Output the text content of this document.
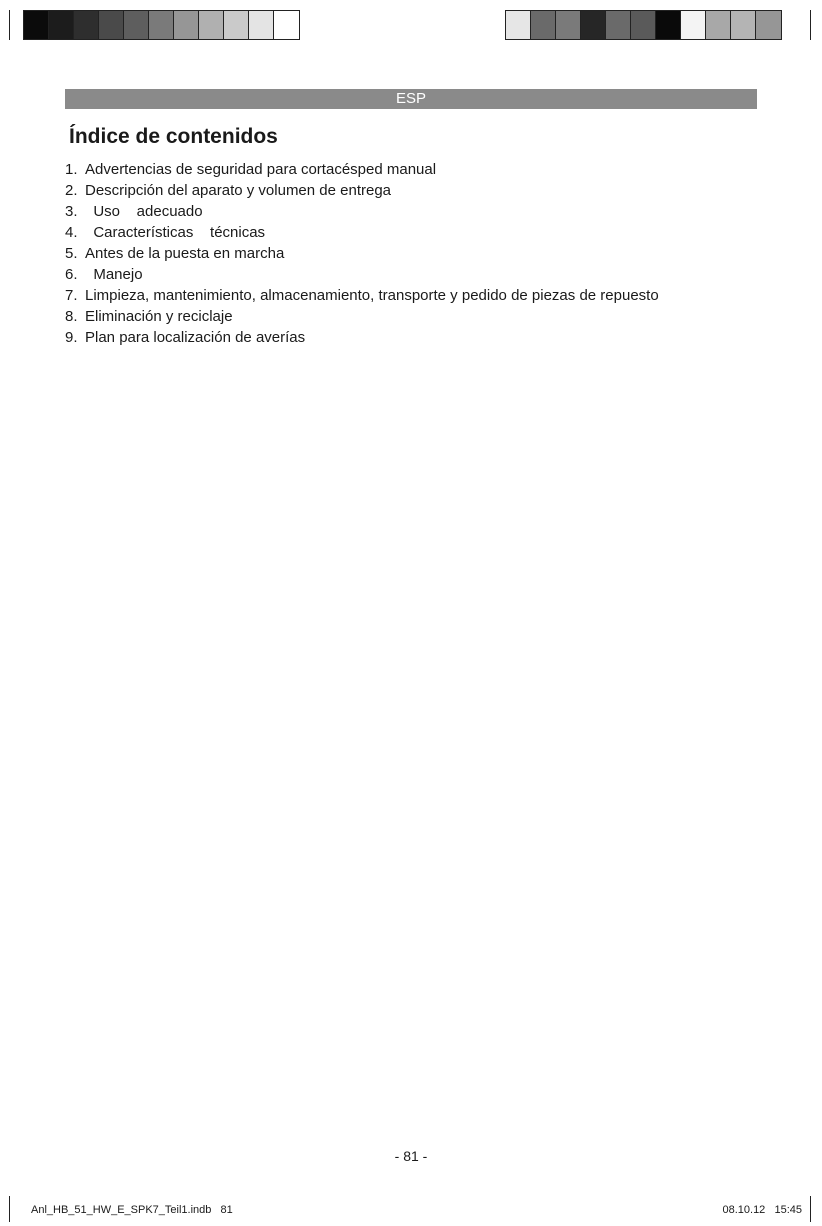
ESP
Índice de contenidos
1. Advertencias de seguridad para cortacésped manual
2. Descripción del aparato y volumen de entrega
3. Uso    adecuado
4. Características    técnicas
5. Antes de la puesta en marcha
6. Manejo
7. Limpieza, mantenimiento, almacenamiento, transporte y pedido de piezas de repuesto
8. Eliminación y reciclaje
9. Plan para localización de averías
- 81 -
Anl_HB_51_HW_E_SPK7_Teil1.indb   81	08.10.12   15:45
